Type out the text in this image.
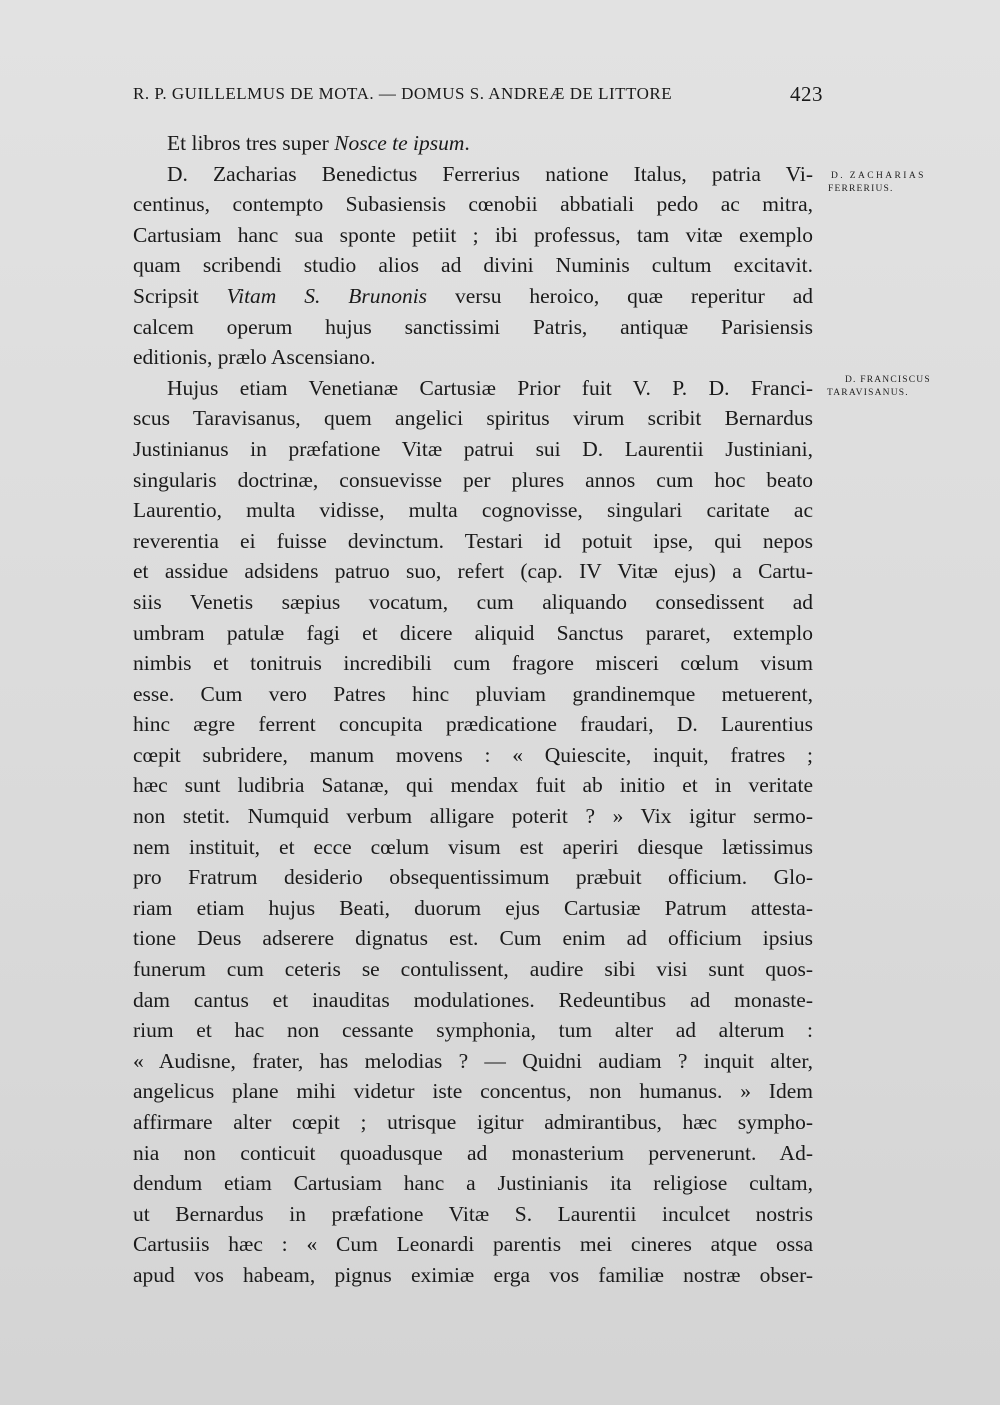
R. P. GUILLELMUS DE MOTA. — DOMUS S. ANDREÆ DE LITTORE	423
Et libros tres super Nosce te ipsum.
D. Zacharias Benedictus Ferrerius natione Italus, patria Vi-
centinus, contempto Subasiensis cœnobii abbatiali pedo ac mitra,
Cartusiam hanc sua sponte petiit ; ibi professus, tam vitæ exemplo
quam scribendi studio alios ad divini Numinis cultum excitavit.
Scripsit Vitam S. Brunonis versu heroico, quæ reperitur ad
calcem operum hujus sanctissimi Patris, antiquæ Parisiensis
editionis, prælo Ascensiano.
Hujus etiam Venetianæ Cartusiæ Prior fuit V. P. D. Franci-
scus Taravisanus, quem angelici spiritus virum scribit Bernardus
Justinianus in præfatione Vitæ patrui sui D. Laurentii Justiniani,
singularis doctrinæ, consuevisse per plures annos cum hoc beato
Laurentio, multa vidisse, multa cognovisse, singulari caritate ac
reverentia ei fuisse devinctum. Testari id potuit ipse, qui nepos
et assidue adsidens patruo suo, refert (cap. IV Vitæ ejus) a Cartu-
siis Venetis sæpius vocatum, cum aliquando consedissent ad
umbram patulæ fagi et dicere aliquid Sanctus pararet, extemplo
nimbis et tonitruis incredibili cum fragore misceri cœlum visum
esse. Cum vero Patres hinc pluviam grandinemque metuerent,
hinc ægre ferrent concupita prædicatione fraudari, D. Laurentius
cœpit subridere, manum movens : « Quiescite, inquit, fratres ;
hæc sunt ludibria Satanæ, qui mendax fuit ab initio et in veritate
non stetit. Numquid verbum alligare poterit ? » Vix igitur sermo-
nem instituit, et ecce cœlum visum est aperiri diesque lætissimus
pro Fratrum desiderio obsequentissimum præbuit officium. Glo-
riam etiam hujus Beati, duorum ejus Cartusiæ Patrum attesta-
tione Deus adserere dignatus est. Cum enim ad officium ipsius
funerum cum ceteris se contulissent, audire sibi visi sunt quos-
dam cantus et inauditas modulationes. Redeuntibus ad monaste-
rium et hac non cessante symphonia, tum alter ad alterum :
« Audisne, frater, has melodias ? — Quidni audiam ? inquit alter,
angelicus plane mihi videtur iste concentus, non humanus. » Idem
affirmare alter cœpit ; utrisque igitur admirantibus, hæc sympho-
nia non conticuit quoadusque ad monasterium pervenerunt. Ad-
dendum etiam Cartusiam hanc a Justinianis ita religiose cultam,
ut Bernardus in præfatione Vitæ S. Laurentii inculcet nostris
Cartusiis hæc : « Cum Leonardi parentis mei cineres atque ossa
apud vos habeam, pignus eximiæ erga vos familiæ nostræ obser-
D. ZACHARIAS
FERRERIUS.
D. FRANCISCUS
TARAVISANUS.
